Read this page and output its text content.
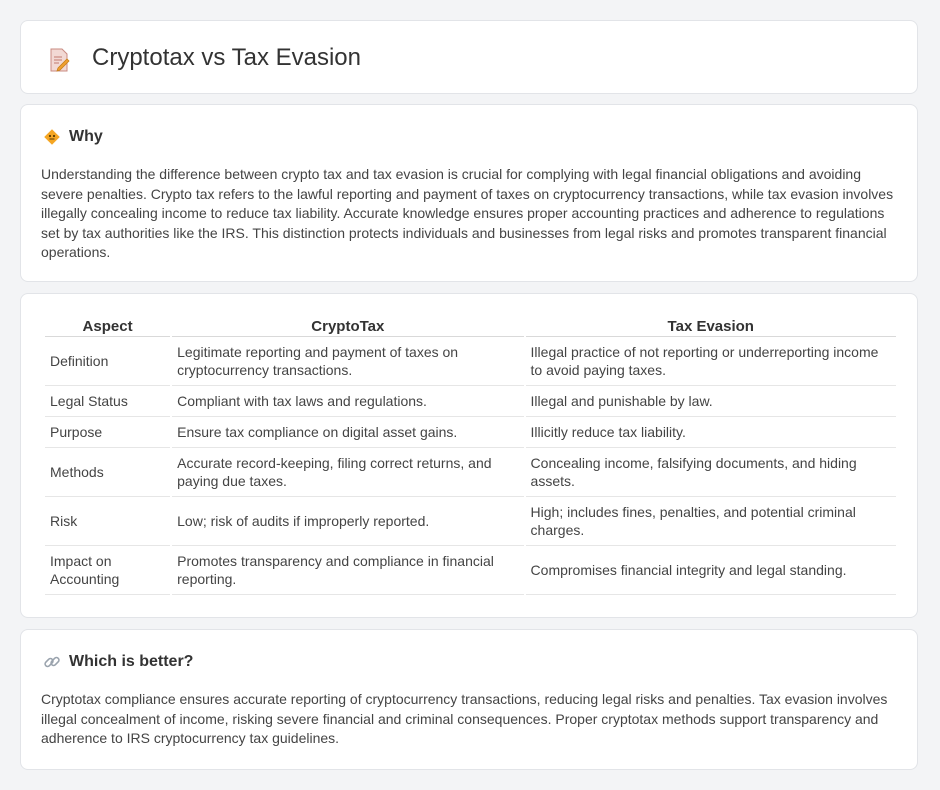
Cryptotax vs Tax Evasion
Why

Understanding the difference between crypto tax and tax evasion is crucial for complying with legal financial obligations and avoiding severe penalties. Crypto tax refers to the lawful reporting and payment of taxes on cryptocurrency transactions, while tax evasion involves illegally concealing income to reduce tax liability. Accurate knowledge ensures proper accounting practices and adherence to regulations set by tax authorities like the IRS. This distinction protects individuals and businesses from legal risks and promotes transparent financial operations.

Aspect	CryptoTax	Tax Evasion
Definition	Legitimate reporting and payment of taxes on cryptocurrency transactions.	Illegal practice of not reporting or underreporting income to avoid paying taxes.
Legal Status	Compliant with tax laws and regulations.	Illegal and punishable by law.
Purpose	Ensure tax compliance on digital asset gains.	Illicitly reduce tax liability.
Methods	Accurate record-keeping, filing correct returns, and paying due taxes.	Concealing income, falsifying documents, and hiding assets.
Risk	Low; risk of audits if improperly reported.	High; includes fines, penalties, and potential criminal charges.
Impact on Accounting	Promotes transparency and compliance in financial reporting.	Compromises financial integrity and legal standing.
Which is better?

Cryptotax compliance ensures accurate reporting of cryptocurrency transactions, reducing legal risks and penalties. Tax evasion involves illegal concealment of income, risking severe financial and criminal consequences. Proper cryptotax methods support transparency and adherence to IRS cryptocurrency tax guidelines.
